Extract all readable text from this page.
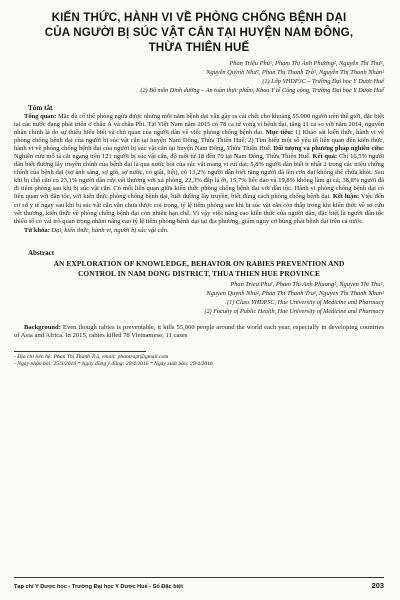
KIẾN THỨC, HÀNH VI VỀ PHÒNG CHỐNG BỆNH DẠI
CỦA NGƯỜI BỊ SÚC VẬT CẮN TẠI HUYỆN NAM ĐÔNG,
THỪA THIÊN HUẾ
Phan Triệu Phú¹, Phạm Thị Ánh Phương², Nguyễn Thị Thư²,
Nguyễn Quỳnh Như², Phan Thị Thanh Trà², Nguyễn Thị Thanh Nhàn²
(1) Lớp YHDP3C – Trường Đại học Y Dược Huế
(2) Bộ môn Dinh dưỡng – An toàn thực phẩm, Khoa Y tế Công cộng, Trường Đại học Y Dược Huế
Tóm tắt

Tổng quan: Mặc dù có thể phòng ngừa được nhưng mỗi năm bệnh dại vẫn gây ra cái chết cho khoảng 55.000 người trên thế giới, đặc biệt tại các nước đang phát triển ở châu Á và châu Phi. Tại Việt Nam năm 2015 có 78 ca tử vong vì bệnh dại, tăng 11 ca so với năm 2014, nguyên nhân chính là do sự thiếu hiểu biết và chủ quan của người dân về việc phòng chống bệnh dại. Mục tiêu: 1) Khảo sát kiến thức, hành vi về phòng chống bệnh dại của người bị súc vật cắn tại huyện Nam Đông, Thừa Thiên Huế; 2) Tìm hiểu một số yếu tố liên quan đến kiến thức, hành vi về phòng chống bệnh dại của người bị súc vật cắn tại huyện Nam Đông, Thừa Thiên Huế. Đối tượng và phương pháp nghiên cứu: Nghiên cứu mô tả cắt ngang trên 121 người bị súc vật cắn, độ tuổi từ 18 đến 70 tại Nam Đông, Thừa Thiên Huế. Kết quả: Chỉ 16,5% người dân biết đường lây truyền chính của bệnh dại là qua nước bọt của súc vật mang vi rút dại; 5,8% người dân biết ít nhất 2 trong các triệu chứng chính của bệnh dại (sợ ánh sáng, sợ gió, sợ nước, co giật, liệt), có 13,2% người dân biết rằng người đã lên cơn dại không thể chữa khỏi. Sau khi bị chó cắn có 23,1% người dân rửa vết thương với xà phòng, 22,3% đắp lá ớt, 15,7% liếc dao và 19,8% không làm gì cả; 38,8% người đã đi tiêm phòng sau khi bị súc vật cắn. Có mối liên quan giữa kiến thức phòng chống bệnh dại với dân tộc. Hành vi phòng chống bệnh dại có liên quan với dân tộc, với kiến thức phòng chống bệnh dại, biết đường lây truyền, biết đúng cách phòng chống bệnh dại. Kết luận: Việc đến cơ sở y tế ngay sau khi bị súc vật cắn vẫn chưa được coi trọng, tỷ lệ tiêm phòng sau khi bị súc vật cắn còn thấp trong khi kiến thức về sơ cứu vết thương, kiến thức về phòng chống bệnh dại còn nhiều hạn chế. Vì vậy việc nâng cao kiến thức của người dân, đặc biệt là người dân tộc thiểu số có vai trò quan trọng nhằm nâng cao tỷ lệ tiêm phòng bệnh dại tại địa phương, giảm nguy cơ bùng phát bệnh dại trên cả nước.

Từ khóa: Dại, kiến thức, hành vi, người bị súc vật cắn.
Abstract
AN EXPLORATION OF KNOWLEDGE, BEHAVIOR ON RABIES PREVENTION AND
CONTROL IN NAM DONG DISTRICT, THUA THIEN HUE PROVINCE
Phan Trieu Phu¹, Pham Thi Anh Phuong², Nguyen Thi Thu²,
Nguyen Quynh Nhu², Phan Thi Thanh Tra², Nguyen Thi Thanh Nhan²
(1) Class YHDP5C, Hue University of Medicine and Pharmacy
(2) Faculty of Public Health, Hue University of Medicine and Pharmacy

Background: Even though rabies is preventable, it kills 55,000 people around the world each year, especially in developing countries of Asia and Africa. In 2015, rabies killed 78 Vietnamese; 11 cases

- Địa chỉ liên hệ: Phan Thị Thanh Trà, email: phantrapt@gmail.com
- Ngày nhận bài: 25/3/2016 * Ngày đồng ý đăng: 20/4/2016 * Ngày xuất bản: 29/4/2016
Tạp chí Y Dược học - Trường Đại học Y Dược Huế - Số Đặc biệt	203
